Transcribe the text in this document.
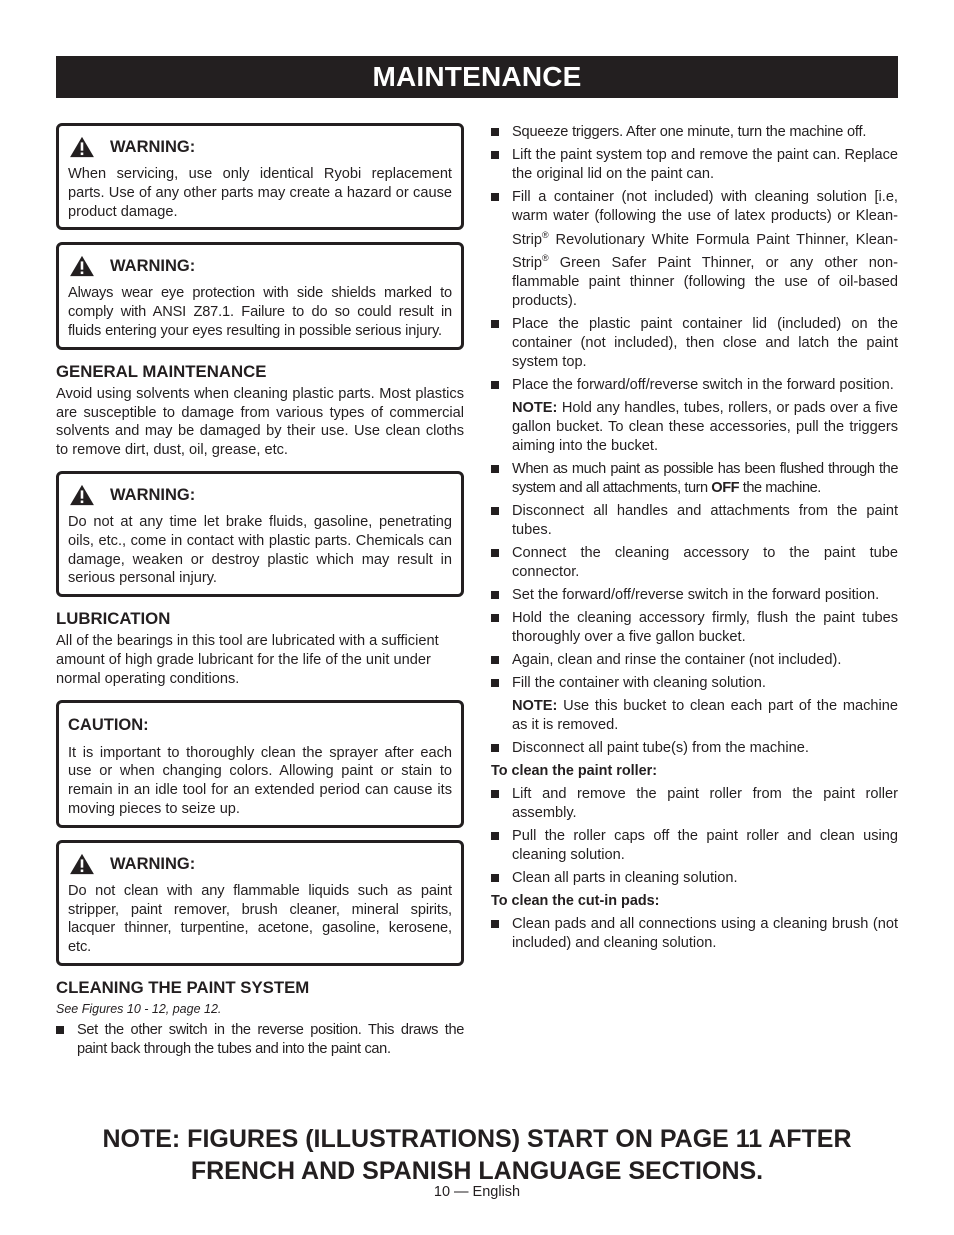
MAINTENANCE
WARNING:
When servicing, use only identical Ryobi replacement parts. Use of any other parts may create a hazard or cause product damage.
WARNING:
Always wear eye protection with side shields marked to comply with ANSI Z87.1. Failure to do so could result in fluids entering your eyes resulting in possible serious injury.
GENERAL MAINTENANCE

Avoid using solvents when cleaning plastic parts. Most plastics are susceptible to damage from various types of commercial solvents and may be damaged by their use. Use clean cloths to remove dirt, dust, oil, grease, etc.

WARNING:
Do not at any time let brake fluids, gasoline, penetrating oils, etc., come in contact with plastic parts. Chemicals can damage, weaken or destroy plastic which may result in serious personal injury.
LUBRICATION

All of the bearings in this tool are lubricated with a sufficient amount of high grade lubricant for the life of the unit under normal operating conditions.

CAUTION:
It is important to thoroughly clean the sprayer after each use or when changing colors. Allowing paint or stain to remain in an idle tool for an extended period can cause its moving pieces to seize up.
WARNING:
Do not clean with any flammable liquids such as paint stripper, paint remover, brush cleaner, mineral spirits, lacquer thinner, turpentine, acetone, gasoline, kerosene, etc.
CLEANING THE PAINT SYSTEM
See Figures 10 - 12, page 12.
Set the other switch in the reverse position. This draws the paint back through the tubes and into the paint can.
Squeeze triggers. After one minute, turn the machine off.
Lift the paint system top and remove the paint can. Replace the original lid on the paint can.
Fill a container (not included) with cleaning solution [i.e, warm water (following the use of latex products) or Klean-Strip® Revolutionary White Formula Paint Thinner, Klean-Strip® Green Safer Paint Thinner, or any other non-flammable paint thinner (following the use of oil-based products).
Place the plastic paint container lid (included) on the container (not included), then close and latch the paint system top.
Place the forward/off/reverse switch in the forward position.
NOTE: Hold any handles, tubes, rollers, or pads over a five gallon bucket. To clean these accessories, pull the triggers aiming into the bucket.
When as much paint as possible has been flushed through the system and all attachments, turn OFF the machine.
Disconnect all handles and attachments from the paint tubes.
Connect the cleaning accessory to the paint tube connector.
Set the forward/off/reverse switch in the forward position.
Hold the cleaning accessory firmly, flush the paint tubes thoroughly over a five gallon bucket.
Again, clean and rinse the container (not included).
Fill the container with cleaning solution.
NOTE: Use this bucket to clean each part of the machine as it is removed.
Disconnect all paint tube(s) from the machine.
To clean the paint roller:
Lift and remove the paint roller from the paint roller assembly.
Pull the roller caps off the paint roller and clean using cleaning solution.
Clean all parts in cleaning solution.
To clean the cut-in pads:
Clean pads and all connections using a cleaning brush (not included) and cleaning solution.
NOTE: FIGURES (ILLUSTRATIONS) START ON PAGE 11 AFTER
FRENCH AND SPANISH LANGUAGE SECTIONS.
10 — English
